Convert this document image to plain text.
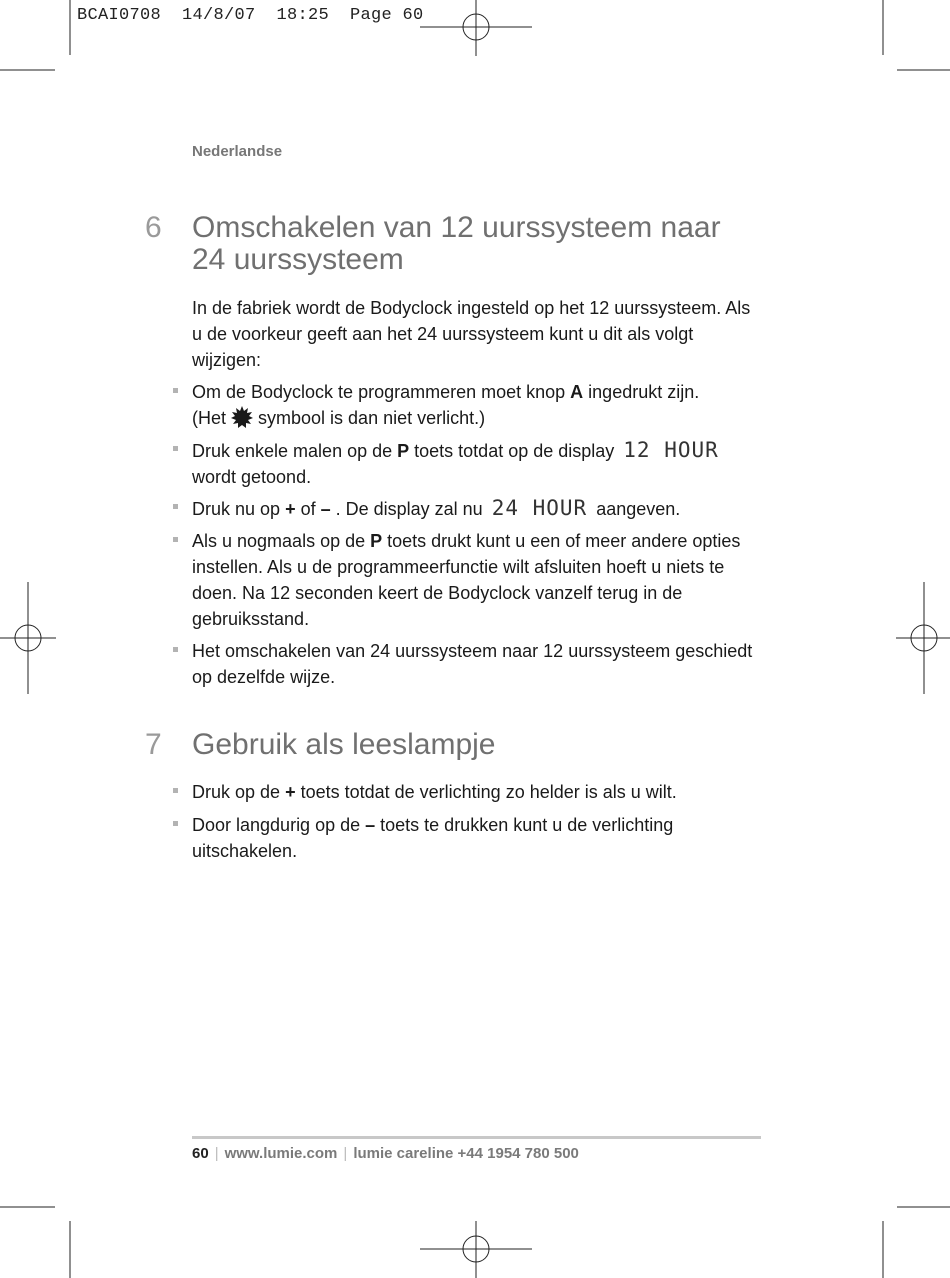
BCAI0708  14/8/07  18:25  Page 60
Nederlandse
6 Omschakelen van 12 uurssysteem naar 24 uurssysteem
In de fabriek wordt de Bodyclock ingesteld op het 12 uurssysteem. Als u de voorkeur geeft aan het 24 uurssysteem kunt u dit als volgt wijzigen:
Om de Bodyclock te programmeren moet knop A ingedrukt zijn.
(Het  symbool is dan niet verlicht.)
Druk enkele malen op de P toets totdat op de display 12 HOUR
wordt getoond.
Druk nu op + of – . De display zal nu 24 HOUR aangeven.
Als u nogmaals op de P toets drukt kunt u een of meer andere opties instellen. Als u de programmeerfunctie wilt afsluiten hoeft u niets te doen. Na 12 seconden keert de Bodyclock vanzelf terug in de gebruiksstand.
Het omschakelen van 24 uurssysteem naar 12 uurssysteem geschiedt op dezelfde wijze.
7 Gebruik als leeslampje
Druk op de + toets totdat de verlichting zo helder is als u wilt.
Door langdurig op de – toets te drukken kunt u de verlichting uitschakelen.
60 | www.lumie.com | lumie careline +44 1954 780 500
